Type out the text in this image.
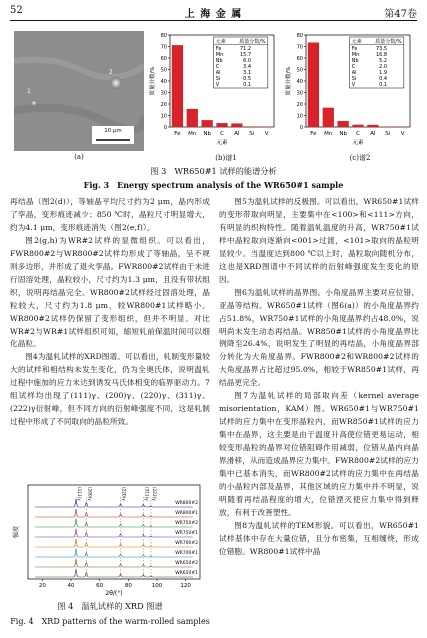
52	上 海 金 属	第47卷
1
2
10 μm
(a)
0
10
20
30
40
50
60
70
80
Fe Mn Nb C Al Si V
元素
质量分数/%
元素	质量分数/%
Fe	71.2
Mn	15.7
Nb	6.0
C	3.4
Al	3.1
Si	0.5
V	0.1
(b)谱1
0
10
20
30
40
50
60
70
80
Fe Mn Nb C Al Si V
元素
质量分数/%
元素	质量分数/%
Fe	73.5
Mn	16.8
Nb	5.2
C	2.0
Al	1.9
Si	0.4
V	0.1
(c)谱2
图 3　WR650#1 试样的能谱分析
Fig. 3　Energy spectrum analysis of the WR650#1 sample

再结晶（图2(d)），等轴晶平均尺寸约为2 μm，晶内形成了孪晶，变形痕迹减少；850 ℃时，晶粒尺寸明显增大，约为4.1 μm，变形痕迹消失（图2(e,f)）。

图2(g,h)为WR#2试样的显微组织。可以看出，FWR800#2与WR800#2试样均形成了等轴晶，呈不规则多边形，并形成了退火孪晶。FWR800#2试样由于未进行固溶处理，晶粒较小，尺寸约为1.3 μm，且没有带状组织，说明再结晶完全。WR800#2试样经过固溶处理，晶粒较大，尺寸约为1.8 μm，较WR800#1试样略小。WR800#2试样仍保留了变形组织，但并不明显。对比WR#2与WR#1试样组织可知，缩短轧前保温时间可以细化晶粒。

图4为温轧试样的XRD图谱。可以看出，轧制变形量较大的试样和相结构未发生变化，仍为全奥氏体，说明温轧过程中施加的应力未达到诱发马氏体相变的临界驱动力。7组试样均出现了(111)γ、(200)γ、(220)γ、(311)γ、(222)γ衍射峰，但不同方向的衍射峰强度不同，这是轧制过程中形成了不同取向的晶粒所致。

20	40	60	80	100	120
2θ/(°)
强度
(111)γ (200)γ	(220)γ	(311)γ (222)γ
WR800#2
WR800#1
WR750#2
WR750#1
WR700#2
WR700#1
WR650#2
WR650#1
图 4　温轧试样的 XRD 图谱
Fig. 4　XRD patterns of the warm-rolled samples

图5为温轧试样的反极图。可以看出，WR650#1试样的变形带取向明显，主要集中在<100>和<111>方向，有明显的织构特性。随着温轧温度的升高，WR750#1试样中晶粒取向逐渐向<001>过渡，<101>取向的晶粒明显较少。当温度达到800 ℃以上时，晶粒取向随机分布，这也是XRD图谱中不同试样的衍射峰强度发生变化的原因。

图6为温轧试样的晶界图。小角度晶界主要对应位错、亚晶等结构。WR650#1试样（图6(a)）的小角度晶界约占51.8%，WR750#1试样的小角度晶界约占48.0%，说明尚未发生动态再结晶。WR850#1试样的小角度晶界比例降至26.4%，说明发生了明显的再结晶，小角度晶界部分转化为大角度晶界。FWR800#2和WR800#2试样的大角度晶界占比超过95.0%，相较于WR850#1试样，再结晶更完全。

图7为温轧试样的局部取向差（kernel average misorientation，KAM）图。WR650#1与WR750#1试样的应力集中在变形晶粒内，而WR850#1试样的应力集中在晶界，这主要是由于温度升高使位错更易运动，相较变形晶粒的晶界对位错阻碍作用减弱，位错从晶内向晶界滑移，从而造成晶界应力集中。FWR800#2试样的应力集中已基本消失，而WR800#2试样的应力集中在再结晶的小晶粒内部及晶界，其他区域的应力集中并不明显，说明随着再结晶程度的增大，位错湮灭使应力集中得到释放，有利于改善塑性。

图8为温轧试样的TEM形貌。可以看出，WR650#1试样基体中存在大量位错，且分布密集，互相缠绕，形成位错胞。WR800#1试样中晶
